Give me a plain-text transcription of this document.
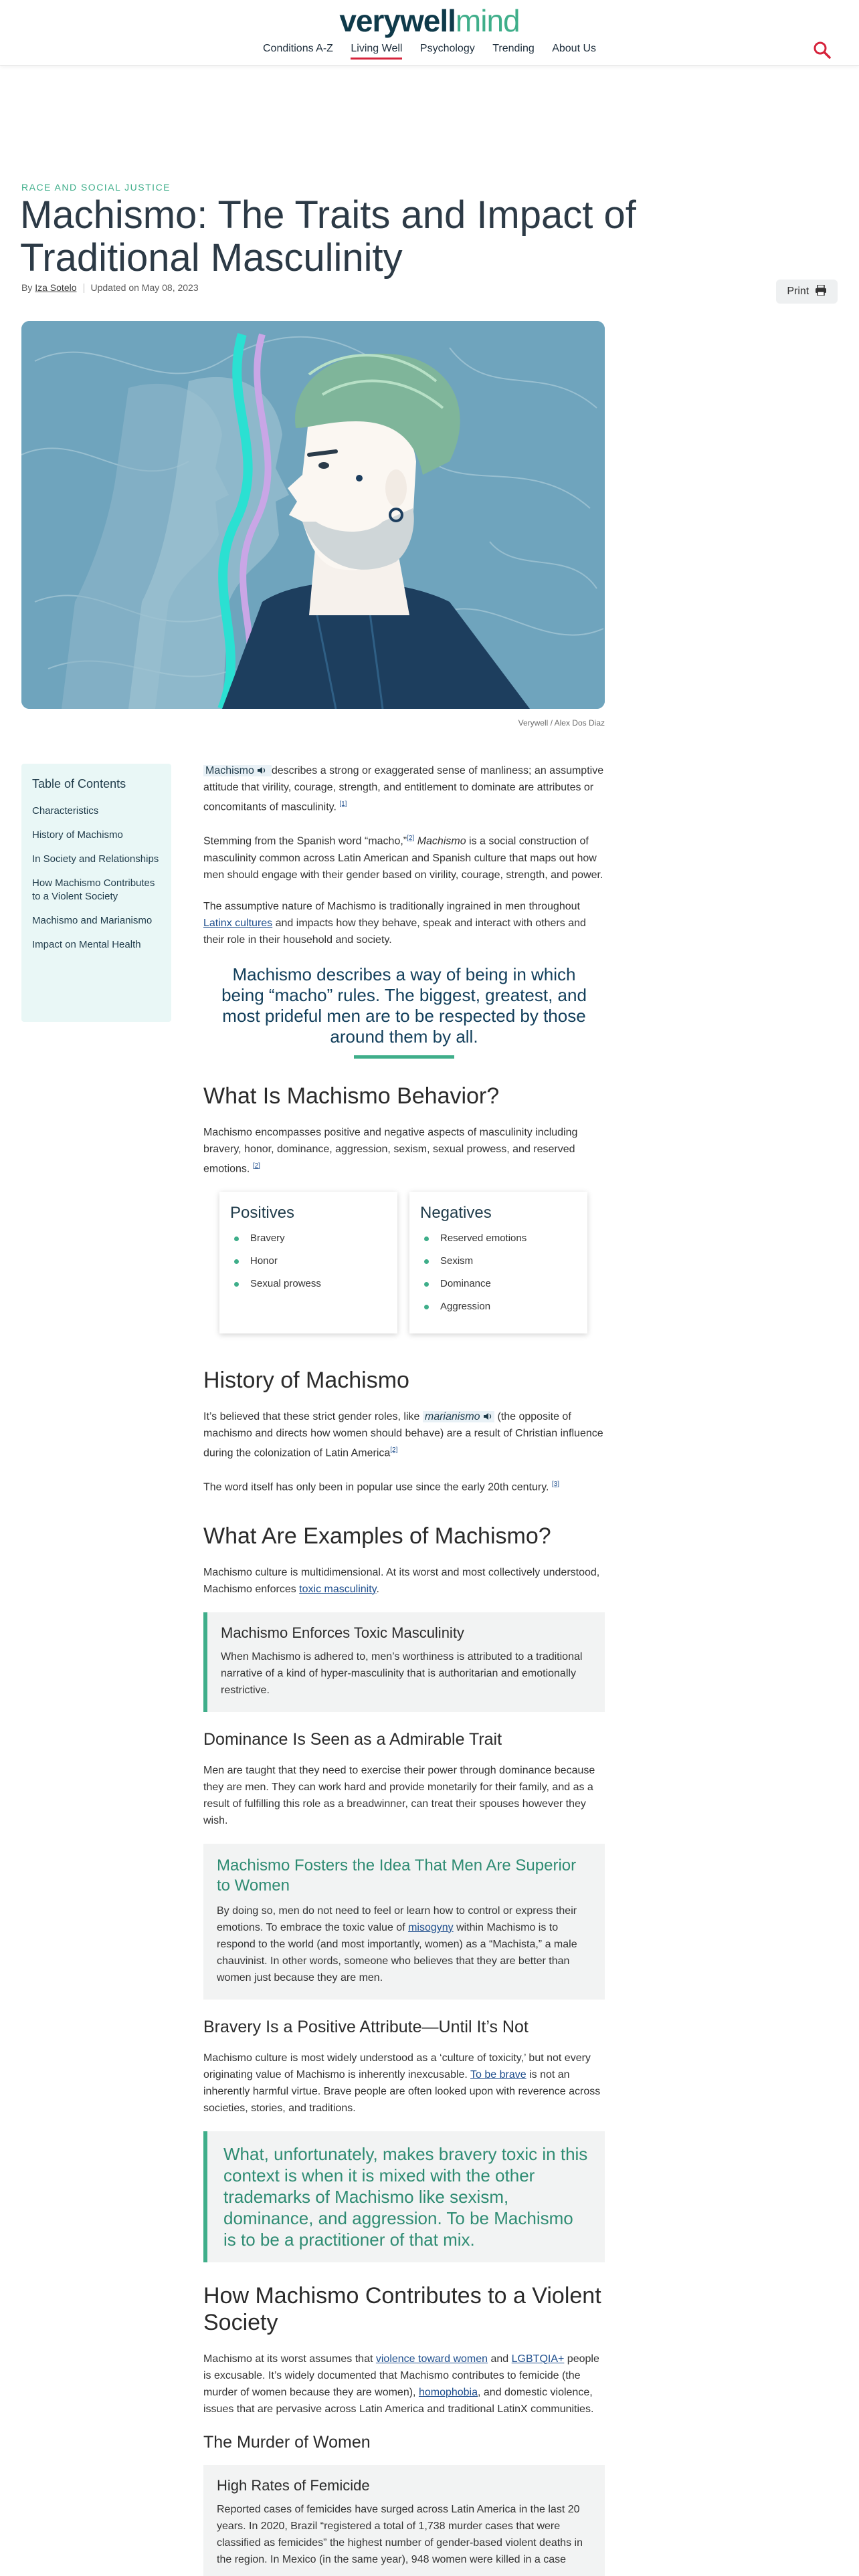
verywellmind
Conditions A-Z Living Well Psychology Trending About Us
RACE AND SOCIAL JUSTICE
Machismo: The Traits and Impact of Traditional Masculinity
By Iza Sotelo Updated on May 08, 2023	Print
Verywell / Alex Dos Diaz
Table of Contents
Characteristics
History of Machismo
In Society and Relationships
How Machismo Contributes to a Violent Society
Machismo and Marianismo
Impact on Mental Health

Machismo  describes a strong or exaggerated sense of manliness; an assumptive attitude that virility, courage, strength, and entitlement to dominate are attributes or concomitants of masculinity. [1]

Stemming from the Spanish word “macho,”[2] Machismo is a social construction of masculinity common across Latin American and Spanish culture that maps out how men should engage with their gender based on virility, courage, strength, and power.

The assumptive nature of Machismo is traditionally ingrained in men throughout Latinx cultures and impacts how they behave, speak and interact with others and their role in their household and society.

Machismo describes a way of being in which being “macho” rules. The biggest, greatest, and most prideful men are to be respected by those around them by all.
What Is Machismo Behavior?

Machismo encompasses positive and negative aspects of masculinity including bravery, honor, dominance, aggression, sexism, sexual prowess, and reserved emotions. [2]

Positives
Bravery
Honor
Sexual prowess
Negatives
Reserved emotions
Sexism
Dominance
Aggression
History of Machismo

It’s believed that these strict gender roles, like marianismo  (the opposite of machismo and directs how women should behave) are a result of Christian influence during the colonization of Latin America[2]

The word itself has only been in popular use since the early 20th century. [3]

What Are Examples of Machismo?

Machismo culture is multidimensional. At its worst and most collectively understood, Machismo enforces toxic masculinity.

Machismo Enforces Toxic Masculinity
When Machismo is adhered to, men’s worthiness is attributed to a traditional narrative of a kind of hyper-masculinity that is authoritarian and emotionally restrictive.
Dominance Is Seen as a Admirable Trait

Men are taught that they need to exercise their power through dominance because they are men. They can work hard and provide monetarily for their family, and as a result of fulfilling this role as a breadwinner, can treat their spouses however they wish.

Machismo Fosters the Idea That Men Are Superior to Women
By doing so, men do not need to feel or learn how to control or express their emotions. To embrace the toxic value of misogyny within Machismo is to respond to the world (and most importantly, women) as a “Machista,” a male chauvinist. In other words, someone who believes that they are better than women just because they are men.
Bravery Is a Positive Attribute—Until It’s Not

Machismo culture is most widely understood as a ‘culture of toxicity,’ but not every originating value of Machismo is inherently inexcusable. To be brave is not an inherently harmful virtue. Brave people are often looked upon with reverence across societies, stories, and traditions.

What, unfortunately, makes bravery toxic in this context is when it is mixed with the other trademarks of Machismo like sexism, dominance, and aggression. To be Machismo is to be a practitioner of that mix.
How Machismo Contributes to a Violent Society

Machismo at its worst assumes that violence toward women and LGBTQIA+ people is excusable. It’s widely documented that Machismo contributes to femicide (the murder of women because they are women), homophobia, and domestic violence, issues that are pervasive across Latin America and traditional LatinX communities.

The Murder of Women
High Rates of Femicide
Reported cases of femicides have surged across Latin America in the last 20 years. In 2020, Brazil “registered a total of 1,738 murder cases that were classified as femicides” the highest number of gender-based violent deaths in the region. In Mexico (in the same year), 948 women were killed in a case
